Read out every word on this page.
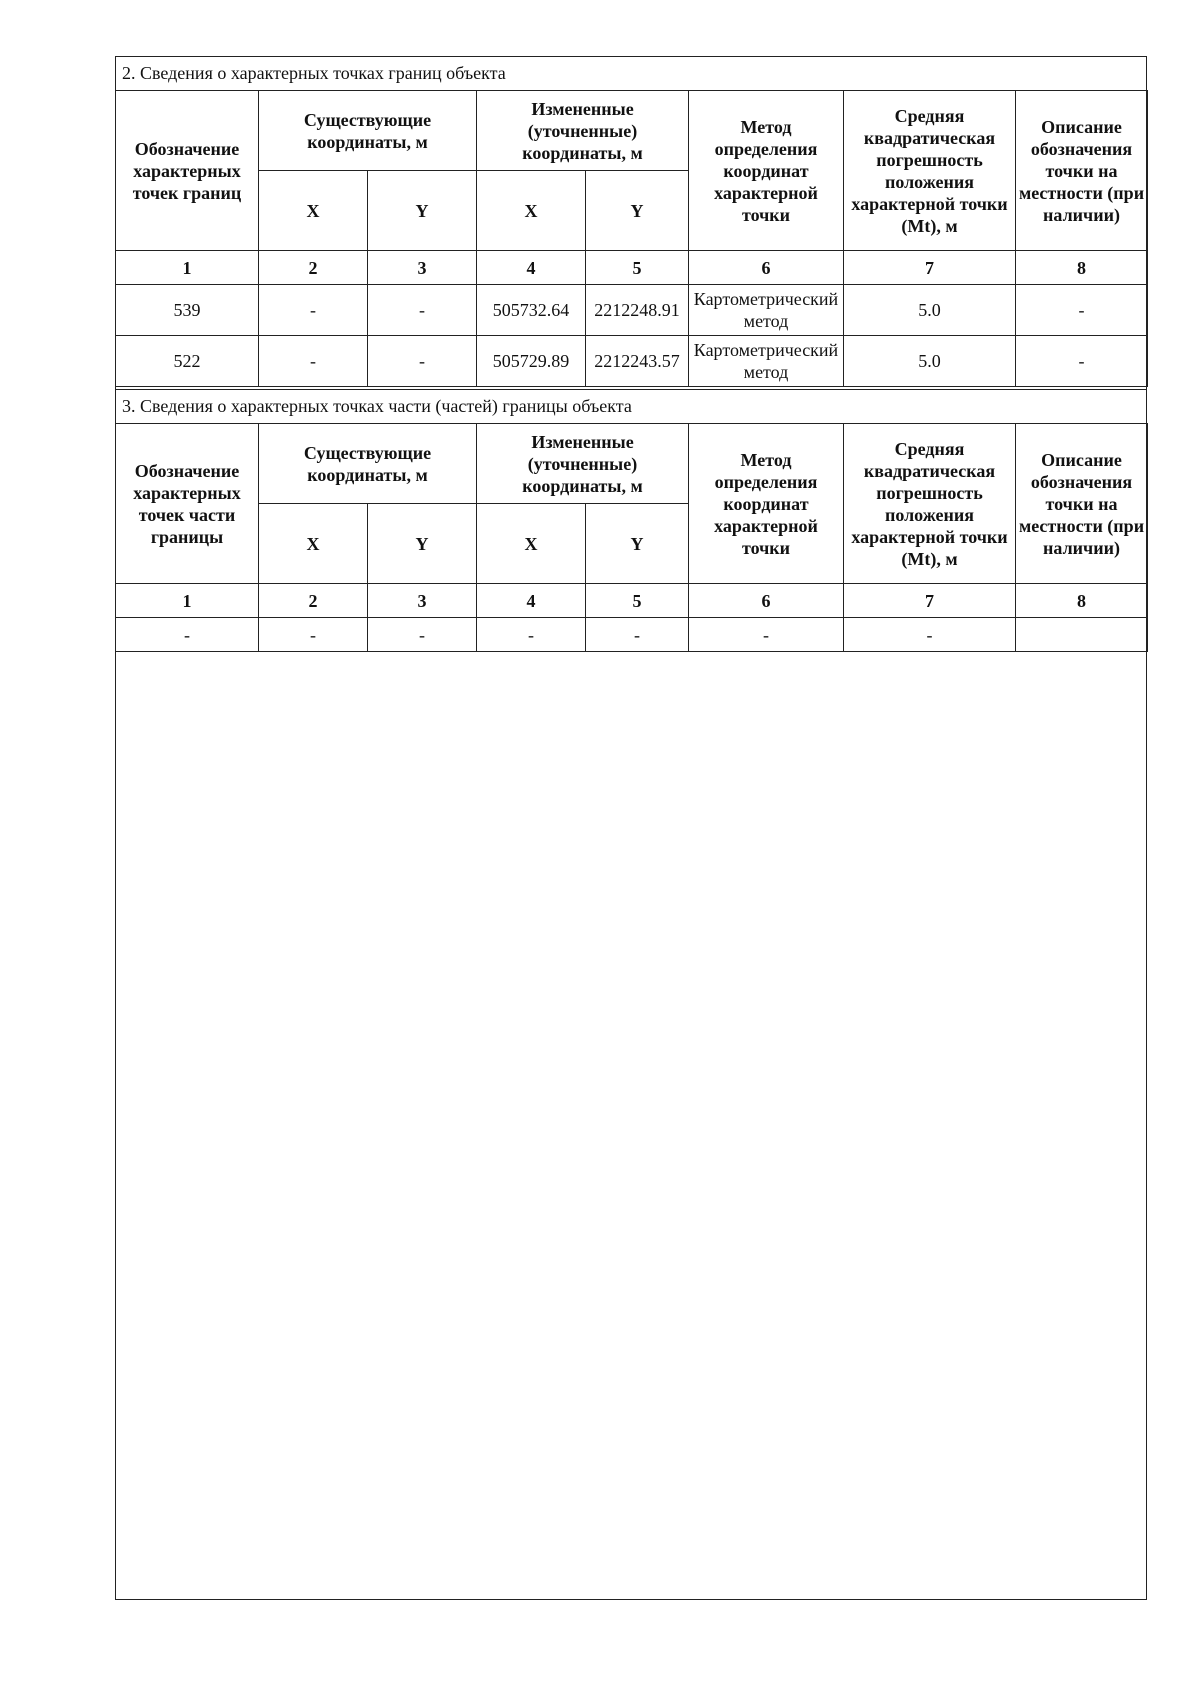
2. Сведения о характерных точках границ объекта
Обозначение характерных точек границ	Существующие координаты, м		Измененные (уточненные) координаты, м		Метод определения координат характерной точки	Средняя квадратическая погрешность положения характерной точки (Mt), м	Описание обозначения точки на местности (при наличии)
	X	Y	X	Y			
1	2	3	4	5	6	7	8
539	-	-	505732.64	2212248.91	Картометрический метод	5.0	-
522	-	-	505729.89	2212243.57	Картометрический метод	5.0	-
3. Сведения о характерных точках части (частей) границы объекта
Обозначение характерных точек части границы	Существующие координаты, м		Измененные (уточненные) координаты, м		Метод определения координат характерной точки	Средняя квадратическая погрешность положения характерной точки (Mt), м	Описание обозначения точки на местности (при наличии)
	X	Y	X	Y			
1	2	3	4	5	6	7	8
-	-	-	-	-	-	-	
